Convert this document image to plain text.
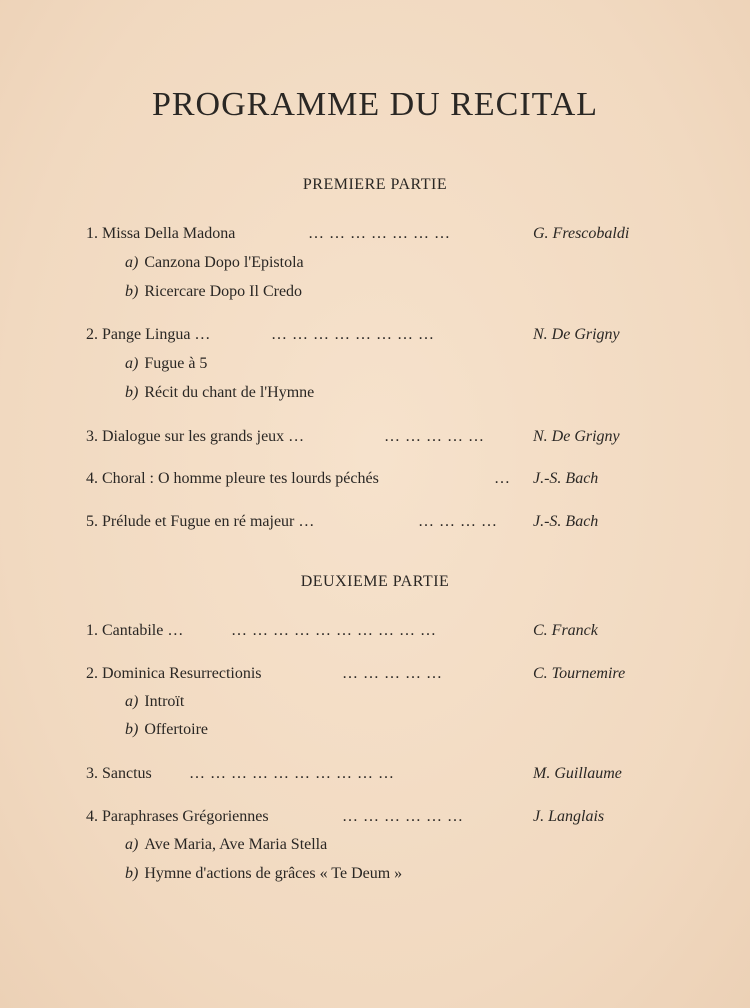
PROGRAMME DU RECITAL
PREMIERE PARTIE
1. Missa Della Madona	… … … … … … …	G. Frescobaldi
a) Canzona Dopo l'Epistola
b) Ricercare Dopo Il Credo
2. Pange Lingua …	… … … … … … … …	N. De Grigny
a) Fugue à 5
b) Récit du chant de l'Hymne
3. Dialogue sur les grands jeux …	… … … … …	N. De Grigny
4. Choral : O homme pleure tes lourds péchés	… J.-S. Bach
5. Prélude et Fugue en ré majeur …	… … … … J.-S. Bach
DEUXIEME PARTIE
1. Cantabile …	… … … … … … … … … …	C. Franck
2. Dominica Resurrectionis	… … … … …	C. Tournemire
a) Introït
b) Offertoire
3. Sanctus … … … … … … … … … …	M. Guillaume
4. Paraphrases Grégoriennes	… … … … … …	J. Langlais
a) Ave Maria, Ave Maria Stella
b) Hymne d'actions de grâces « Te Deum »
